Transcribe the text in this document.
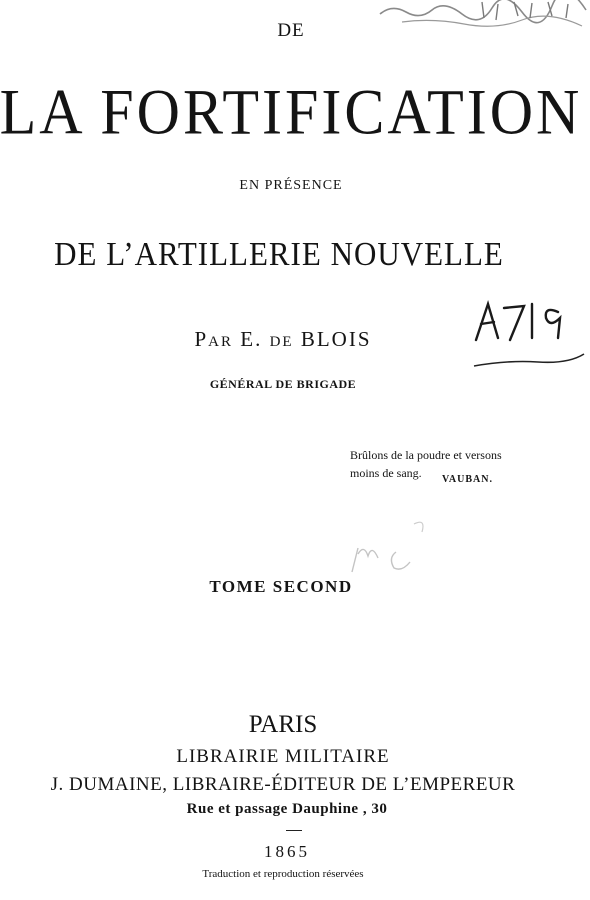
DE
LA FORTIFICATION
EN PRÉSENCE
DE L’ARTILLERIE NOUVELLE
PAR E. DE BLOIS
GÉNÉRAL DE BRIGADE
Brûlons de la poudre et versons
moins de sang. VAUBAN.
TOME SECOND
PARIS
LIBRAIRIE MILITAIRE
J. DUMAINE, LIBRAIRE-ÉDITEUR DE L’EMPEREUR
Rue et passage Dauphine , 30
1865
Traduction et reproduction réservées
